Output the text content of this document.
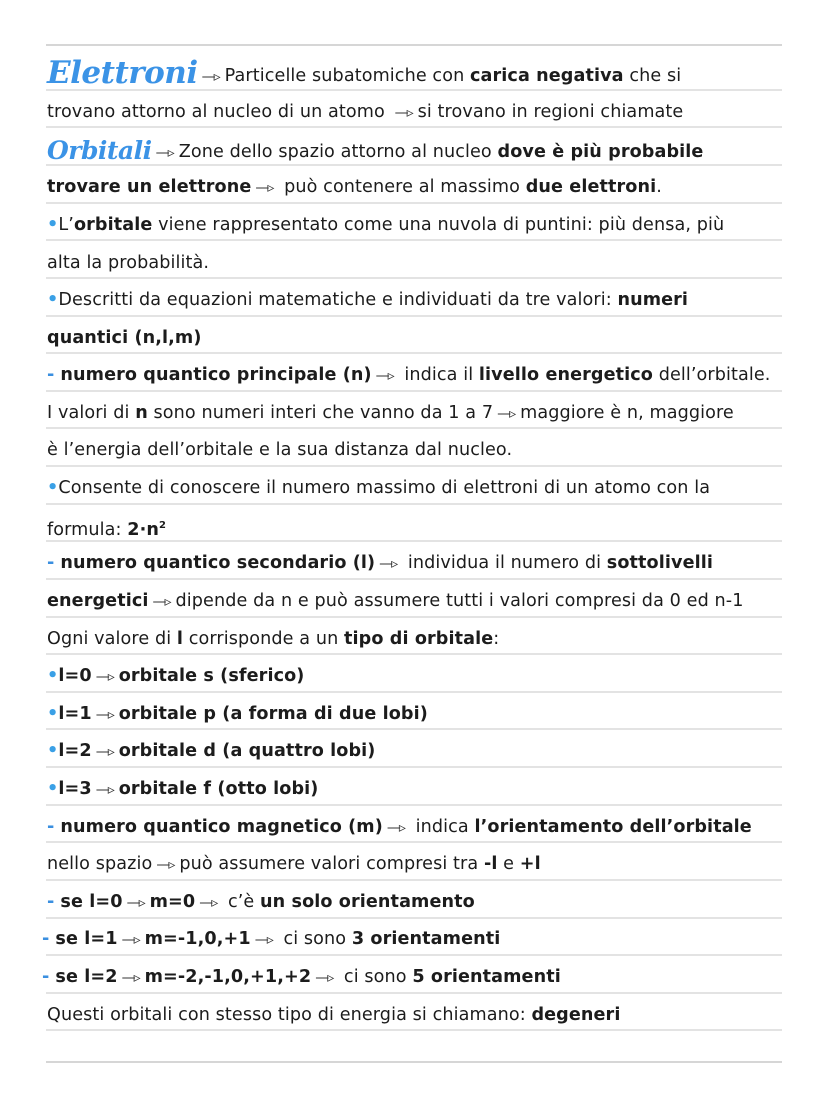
Elettroni —▹ Particelle subatomiche con carica negativa che si
trovano attorno al nucleo di un atomo —▹ si trovano in regioni chiamate
Orbitali —▹ Zone dello spazio attorno al nucleo dove è più probabile
trovare un elettrone —▹ può contenere al massimo due elettroni.
•L’orbitale viene rappresentato come una nuvola di puntini: più densa, più
alta la probabilità.
•Descritti da equazioni matematiche e individuati da tre valori: numeri
quantici (n,l,m)
- numero quantico principale (n) —▹ indica il livello energetico dell’orbitale.
I valori di n sono numeri interi che vanno da 1 a 7 —▹ maggiore è n, maggiore
è l’energia dell’orbitale e la sua distanza dal nucleo.
•Consente di conoscere il numero massimo di elettroni di un atomo con la
formula: $2\cdot n^2$
- numero quantico secondario (l) —▹ individua il numero di sottolivelli
energetici —▹ dipende da n e può assumere tutti i valori compresi da 0 ed n-1
Ogni valore di l corrisponde a un tipo di orbitale:
•l=0 —▹ orbitale s (sferico)
•l=1 —▹ orbitale p (a forma di due lobi)
•l=2 —▹ orbitale d (a quattro lobi)
•l=3 —▹ orbitale f (otto lobi)
- numero quantico magnetico (m) —▹ indica l’orientamento dell’orbitale
nello spazio —▹ può assumere valori compresi tra -l e +l
- se l=0 —▹ m=0 —▹ c’è un solo orientamento
- se l=1 —▹ m=-1,0,+1 —▹ ci sono 3 orientamenti
- se l=2 —▹ m=-2,-1,0,+1,+2 —▹ ci sono 5 orientamenti
Questi orbitali con stesso tipo di energia si chiamano: degeneri
